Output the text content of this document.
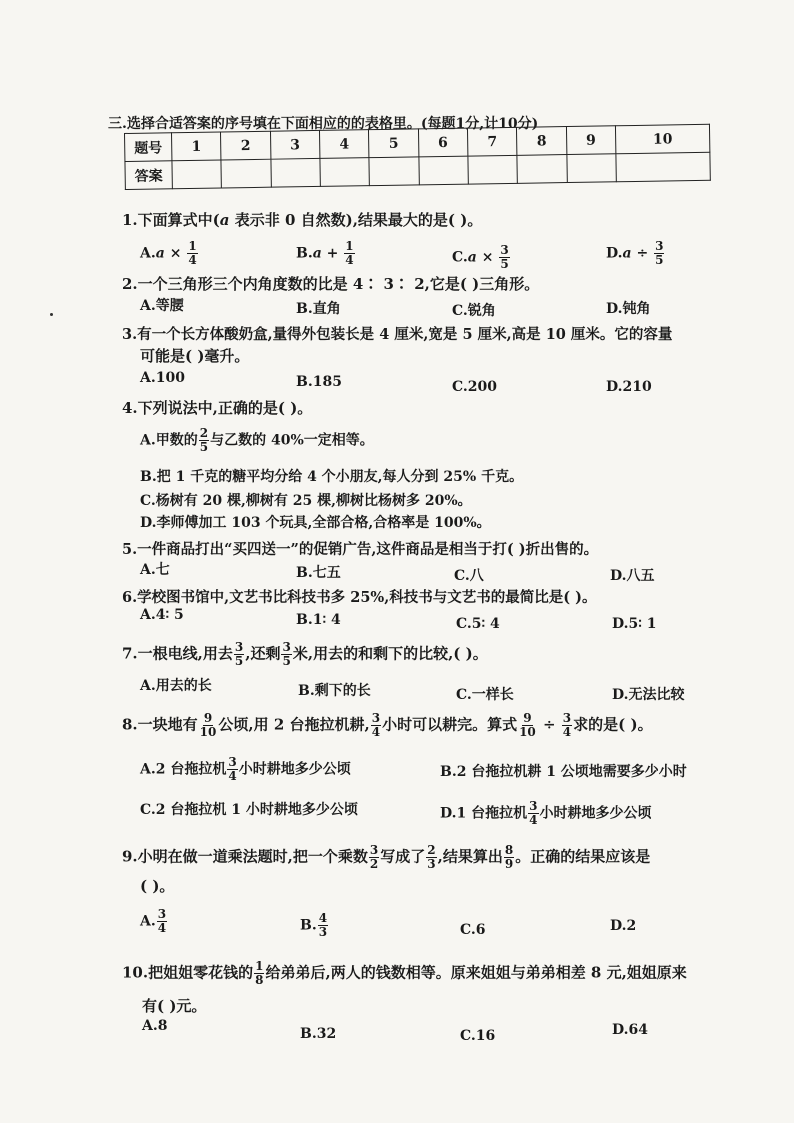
三.选择合适答案的序号填在下面相应的的表格里。(每题1分,计10分)
题号	1	2	3	4	5	6	7	8	9	10
答案										
1.下面算式中(a 表示非 0 自然数),结果最大的是( )。
$A.a \times \frac{1}{4}$	$B.a + \frac{1}{4}$	$C.a \times \frac{3}{5}$	$D.a \div \frac{3}{5}$
2.一个三角形三个内角度数的比是 4∶ 3∶ 2,它是( )三角形。
A.等腰	B.直角	C.锐角	D.钝角
3.有一个长方体酸奶盒,量得外包装长是 4 厘米,宽是 5 厘米,高是 10 厘米。它的容量
可能是( )毫升。
A.100	B.185	C.200	D.210
4.下列说法中,正确的是( )。
A.甲数的 $\frac{2}{5}$ 与乙数的 40%一定相等。
B.把 1 千克的糖平均分给 4 个小朋友,每人分到 25% 千克。
C.杨树有 20 棵,柳树有 25 棵,柳树比杨树多 20%。
D.李师傅加工 103 个玩具,全部合格,合格率是 100%。
5.一件商品打出“买四送一”的促销广告,这件商品是相当于打( )折出售的。
A.七	B.七五	C.八	D.八五
6.学校图书馆中,文艺书比科技书多 25%,科技书与文艺书的最简比是( )。
A.4∶ 5	B.1∶ 4	C.5∶ 4	D.5∶ 1
7.一根电线,用去 $\frac{3}{5}$ ,还剩 $\frac{3}{5}$ 米,用去的和剩下的比较,( )。
A.用去的长	B.剩下的长	C.一样长	D.无法比较
8.一块地有 $\frac{9}{10}$ 公顷,用 2 台拖拉机耕, $\frac{3}{4}$ 小时可以耕完。算式 $\frac{9}{10} \div \frac{3}{4}$ 求的是( )。
A.2 台拖拉机 $\frac{3}{4}$ 小时耕地多少公顷	B.2 台拖拉机耕 1 公顷地需要多少小时
C.2 台拖拉机 1 小时耕地多少公顷	D.1 台拖拉机 $\frac{3}{4}$ 小时耕地多少公顷
9.小明在做一道乘法题时,把一个乘数 $\frac{3}{2}$ 写成了 $\frac{2}{3}$ ,结果算出 $\frac{8}{9}$ 。正确的结果应该是
( )。
A. $\frac{3}{4}$	B. $\frac{4}{3}$	C.6	D.2
10.把姐姐零花钱的 $\frac{1}{8}$ 给弟弟后,两人的钱数相等。原来姐姐与弟弟相差 8 元,姐姐原来
有( )元。
A.8	B.32	C.16	D.64
